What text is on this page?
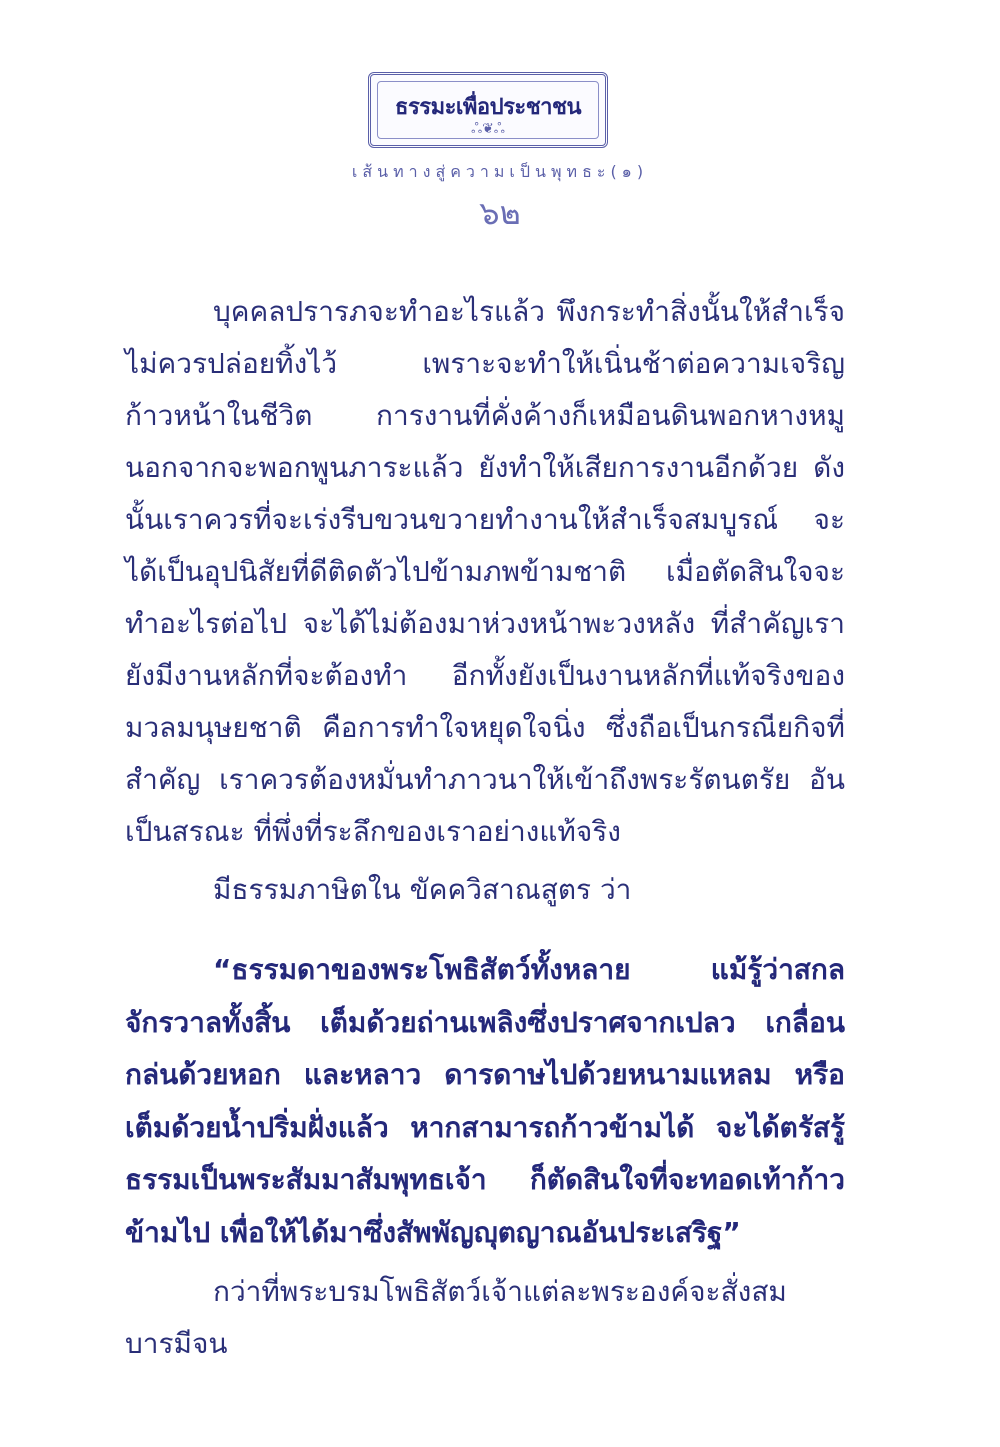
ธรรมะเพื่อประชาชน
ஃ❦ஃ
เส้นทางสู่ความเป็นพุทธะ(๑)
๖๒

บุคคลปรารภจะทำอะไรแล้ว พึงกระทำสิ่งนั้นให้สำเร็จ ไม่ควรปล่อยทิ้งไว้ เพราะจะทำให้เนิ่นช้าต่อความเจริญก้าวหน้าในชีวิต การงานที่คั่งค้างก็เหมือนดินพอกหางหมู นอกจากจะพอกพูนภาระแล้ว ยังทำให้เสียการงานอีกด้วย ดังนั้นเราควรที่จะเร่งรีบขวนขวายทำงานให้สำเร็จสมบูรณ์ จะได้เป็นอุปนิสัยที่ดีติดตัวไปข้ามภพข้ามชาติ เมื่อตัดสินใจจะทำอะไรต่อไป จะได้ไม่ต้องมาห่วงหน้าพะวงหลัง ที่สำคัญเรายังมีงานหลักที่จะต้องทำ อีกทั้งยังเป็นงานหลักที่แท้จริงของมวลมนุษยชาติ คือการทำใจหยุดใจนิ่ง ซึ่งถือเป็นกรณียกิจที่สำคัญ เราควรต้องหมั่นทำภาวนาให้เข้าถึงพระรัตนตรัย อันเป็นสรณะ ที่พึ่งที่ระลึกของเราอย่างแท้จริง

มีธรรมภาษิตใน ขัคควิสาณสูตร ว่า

“ธรรมดาของพระโพธิสัตว์ทั้งหลาย แม้รู้ว่าสกลจักรวาลทั้งสิ้น เต็มด้วยถ่านเพลิงซึ่งปราศจากเปลว เกลื่อนกล่นด้วยหอก และหลาว ดารดาษไปด้วยหนามแหลม หรือเต็มด้วยน้ำปริ่มฝั่งแล้ว หากสามารถก้าวข้ามได้ จะได้ตรัสรู้ธรรมเป็นพระสัมมาสัมพุทธเจ้า ก็ตัดสินใจที่จะทอดเท้าก้าวข้ามไป เพื่อให้ได้มาซึ่งสัพพัญญุตญาณอันประเสริฐ”

กว่าที่พระบรมโพธิสัตว์เจ้าแต่ละพระองค์จะสั่งสมบารมีจน
